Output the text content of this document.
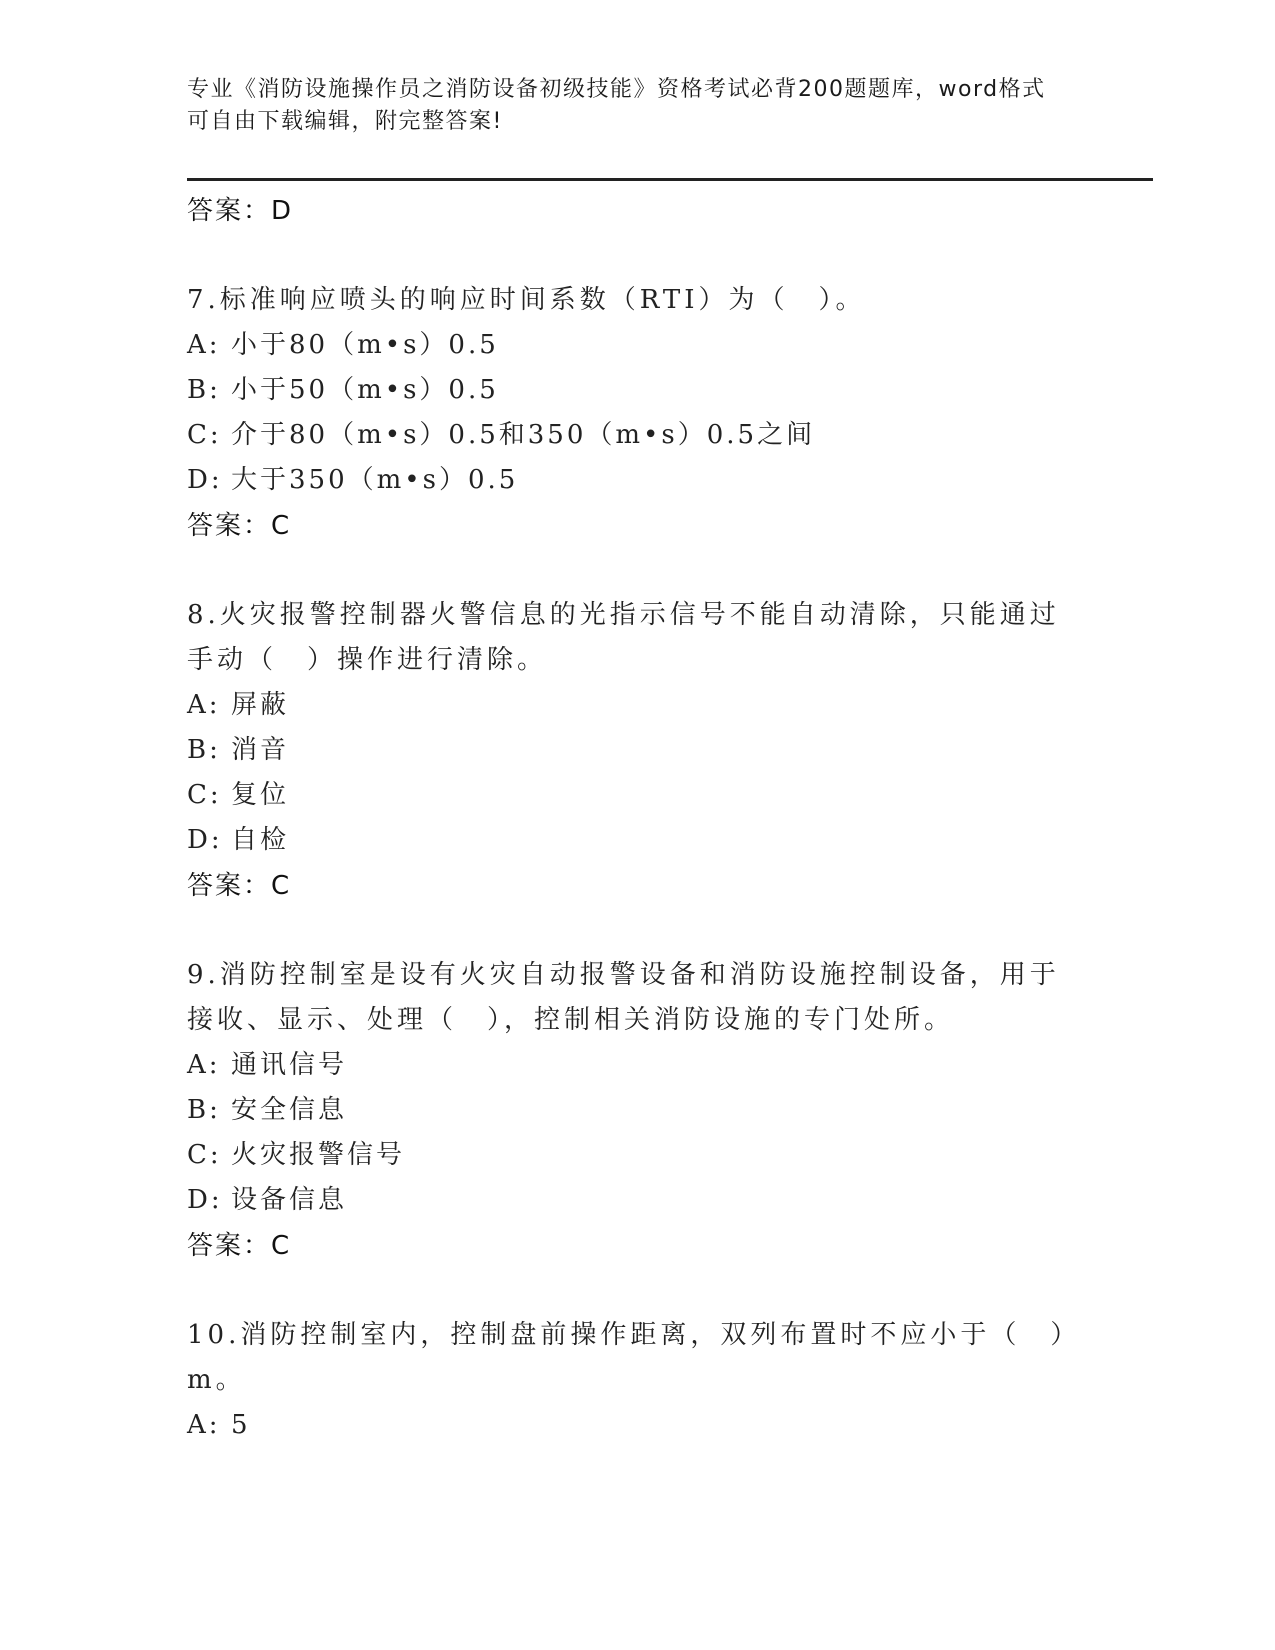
专业《消防设施操作员之消防设备初级技能》资格考试必背200题题库，word格式可自由下载编辑，附完整答案!
答案：D

7.标准响应喷头的响应时间系数（RTI）为（　）。

A: 小于80（m•s）0.5
B: 小于50（m•s）0.5
C: 介于80（m•s）0.5和350（m•s）0.5之间
D: 大于350（m•s）0.5
答案：C

8.火灾报警控制器火警信息的光指示信号不能自动清除，只能通过手动（　）操作进行清除。

A: 屏蔽
B: 消音
C: 复位
D: 自检
答案：C

9.消防控制室是设有火灾自动报警设备和消防设施控制设备，用于接收、显示、处理（　），控制相关消防设施的专门处所。

A: 通讯信号
B: 安全信息
C: 火灾报警信号
D: 设备信息
答案：C

10.消防控制室内，控制盘前操作距离，双列布置时不应小于（　）m。

A: 5
